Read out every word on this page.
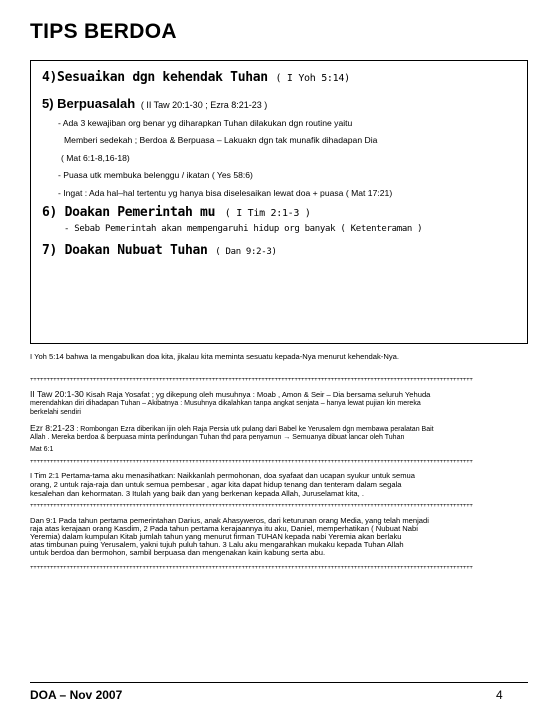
TIPS BERDOA
4)Sesuaikan dgn kehendak Tuhan ( I Yoh 5:14)
5) Berpuasalah ( II Taw 20:1-30 ; Ezra 8:21-23 )
- Ada 3 kewajiban org benar yg diharapkan Tuhan dilakukan dgn routine yaitu
Memberi sedekah ; Berdoa & Berpuasa – Lakuakn dgn tak munafik dihadapan Dia
( Mat 6:1-8,16-18)
- Puasa utk membuka belenggu / ikatan ( Yes 58:6)
- Ingat : Ada hal–hal tertentu yg hanya bisa diselesaikan lewat doa + puasa ( Mat 17:21)
6) Doakan Pemerintah mu ( I Tim 2:1-3 )
- Sebab Pemerintah akan mempengaruhi hidup org banyak ( Ketenteraman )
7) Doakan Nubuat Tuhan ( Dan 9:2-3)
I Yoh 5:14 bahwa Ia mengabulkan doa kita, jikalau kita meminta sesuatu kepada-Nya menurut kehendak-Nya.
++++++++++++++++++++++++++++++++++++++++++++++++++++++++++++++++++++++++++++++++++++++++++++++++++++++++++++++++++++++++++++++++++++++
II Taw 20:1-30 Kisah Raja Yosafat ; yg dikepung oleh musuhnya : Moab , Amon & Seir – Dia bersama seluruh Yehuda
merendahkan diri dihadapan Tuhan – Akibatnya : Musuhnya dikalahkan tanpa angkat senjata – hanya lewat pujian kin mereka
berkelahi sendiri
Ezr 8:21-23 : Rombongan Ezra diberikan ijin oleh Raja Persia utk pulang dari Babel ke Yerusalem dgn membawa peralatan Bait
Allah . Mereka berdoa & berpuasa minta perlindungan Tuhan thd para penyamun → Semuanya dibuat lancar oleh Tuhan
Mat 6:1
++++++++++++++++++++++++++++++++++++++++++++++++++++++++++++++++++++++++++++++++++++++++++++++++++++++++++++++++++++++++++++++++++++++
I Tim 2:1 Pertama-tama aku menasihatkan: Naikkanlah permohonan, doa syafaat dan ucapan syukur untuk semua
orang, 2 untuk raja-raja dan untuk semua pembesar , agar kita dapat hidup tenang dan tenteram dalam segala
kesalehan dan kehormatan. 3 Itulah yang baik dan yang berkenan kepada Allah, Juruselamat kita, .
++++++++++++++++++++++++++++++++++++++++++++++++++++++++++++++++++++++++++++++++++++++++++++++++++++++++++++++++++++++++++++++++++++++
Dan 9:1 Pada tahun pertama pemerintahan Darius, anak Ahasyweros, dari keturunan orang Media, yang telah menjadi
raja atas kerajaan orang Kasdim, 2 Pada tahun pertama kerajaannya itu aku, Daniel, memperhatikan ( Nubuat Nabi
Yeremia) dalam kumpulan Kitab jumlah tahun yang menurut firman TUHAN kepada nabi Yeremia akan berlaku
atas timbunan puing Yerusalem, yakni tujuh puluh tahun. 3 Lalu aku mengarahkan mukaku kepada Tuhan Allah
untuk berdoa dan bermohon, sambil berpuasa dan mengenakan kain kabung serta abu.
++++++++++++++++++++++++++++++++++++++++++++++++++++++++++++++++++++++++++++++++++++++++++++++++++++++++++++++++++++++++++++++++++++++
DOA – Nov 2007	4
